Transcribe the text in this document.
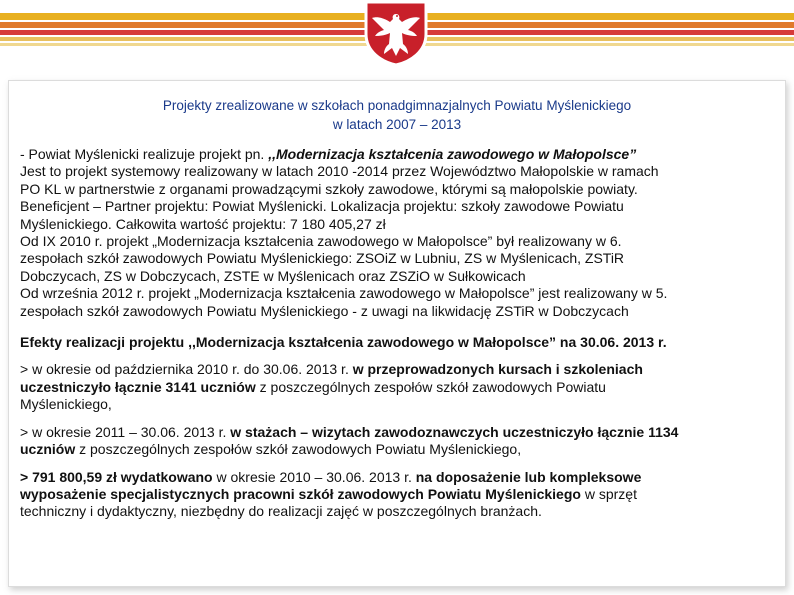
Projekty zrealizowane w szkołach ponadgimnazjalnych Powiatu Myślenickiego
w latach 2007 – 2013

- Powiat Myślenicki realizuje projekt pn. ,,Modernizacja kształcenia zawodowego w Małopolsce”
Jest to projekt systemowy realizowany w latach 2010 -2014 przez Województwo Małopolskie w ramach
PO KL w partnerstwie z organami prowadzącymi szkoły zawodowe, którymi są małopolskie powiaty.
Beneficjent – Partner projektu: Powiat Myślenicki. Lokalizacja projektu: szkoły zawodowe Powiatu
Myślenickiego. Całkowita wartość projektu: 7 180 405,27 zł
Od IX 2010 r. projekt „Modernizacja kształcenia zawodowego w Małopolsce” był realizowany w 6.
zespołach szkół zawodowych Powiatu Myślenickiego: ZSOiZ w Lubniu, ZS w Myślenicach, ZSTiR
Dobczycach, ZS w Dobczycach, ZSTE w Myślenicach oraz ZSZiO w Sułkowicach
Od września 2012 r. projekt „Modernizacja kształcenia zawodowego w Małopolsce” jest realizowany w 5.
zespołach szkół zawodowych Powiatu Myślenickiego - z uwagi na likwidację ZSTiR w Dobczycach

Efekty realizacji projektu ,,Modernizacja kształcenia zawodowego w Małopolsce” na 30.06. 2013 r.

> w okresie od października 2010 r. do 30.06. 2013 r. w przeprowadzonych kursach i szkoleniach
uczestniczyło łącznie 3141 uczniów z poszczególnych zespołów szkół zawodowych Powiatu
Myślenickiego,

> w okresie 2011 – 30.06. 2013 r. w stażach – wizytach zawodoznawczych uczestniczyło łącznie 1134
uczniów z poszczególnych zespołów szkół zawodowych Powiatu Myślenickiego,

> 791 800,59 zł wydatkowano w okresie 2010 – 30.06. 2013 r. na doposażenie lub kompleksowe
wyposażenie specjalistycznych pracowni szkół zawodowych Powiatu Myślenickiego w sprzęt
techniczny i dydaktyczny, niezbędny do realizacji zajęć w poszczególnych branżach.
